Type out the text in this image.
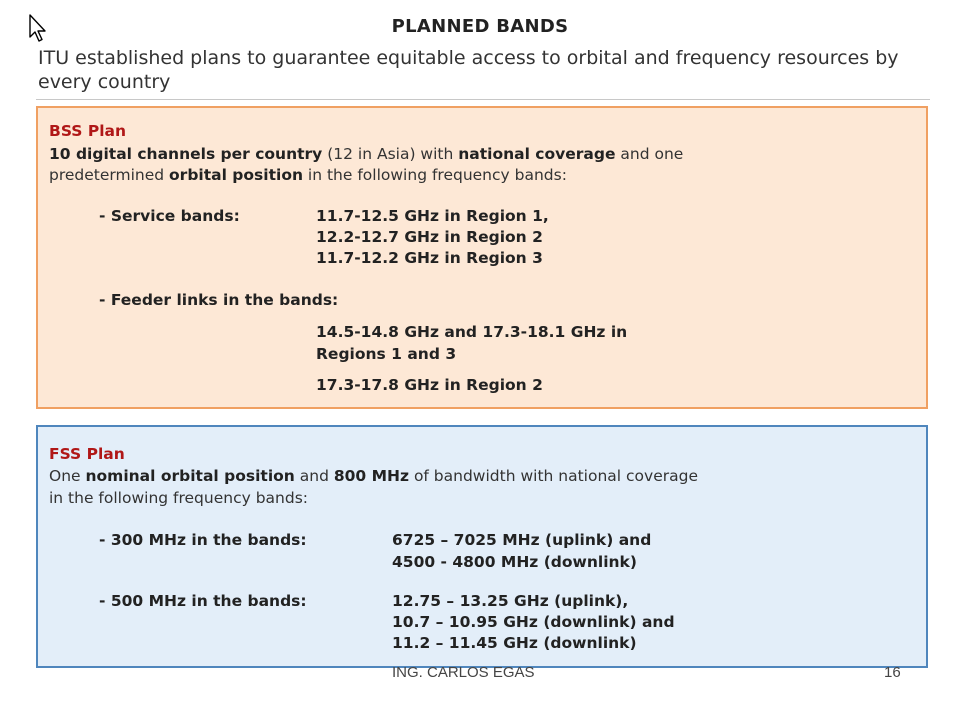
PLANNED BANDS
ITU established plans to guarantee equitable access to orbital and frequency resources by every country
BSS Plan
10 digital channels per country (12 in Asia) with national coverage and one
predetermined orbital position in the following frequency bands:
- Service bands:	11.7-12.5 GHz in Region 1,
12.2-12.7 GHz in Region 2
11.7-12.2 GHz in Region 3
- Feeder links in the bands:
14.5-14.8 GHz and 17.3-18.1 GHz in
Regions 1 and 3
17.3-17.8 GHz in Region 2
FSS Plan
One nominal orbital position and 800 MHz of bandwidth with national coverage
in the following frequency bands:
- 300 MHz in the bands:	6725 – 7025 MHz (uplink) and
4500 - 4800 MHz (downlink)
- 500 MHz in the bands:	12.75 – 13.25 GHz (uplink),
10.7 – 10.95 GHz (downlink) and
11.2 – 11.45 GHz (downlink)
ING. CARLOS EGAS	16
